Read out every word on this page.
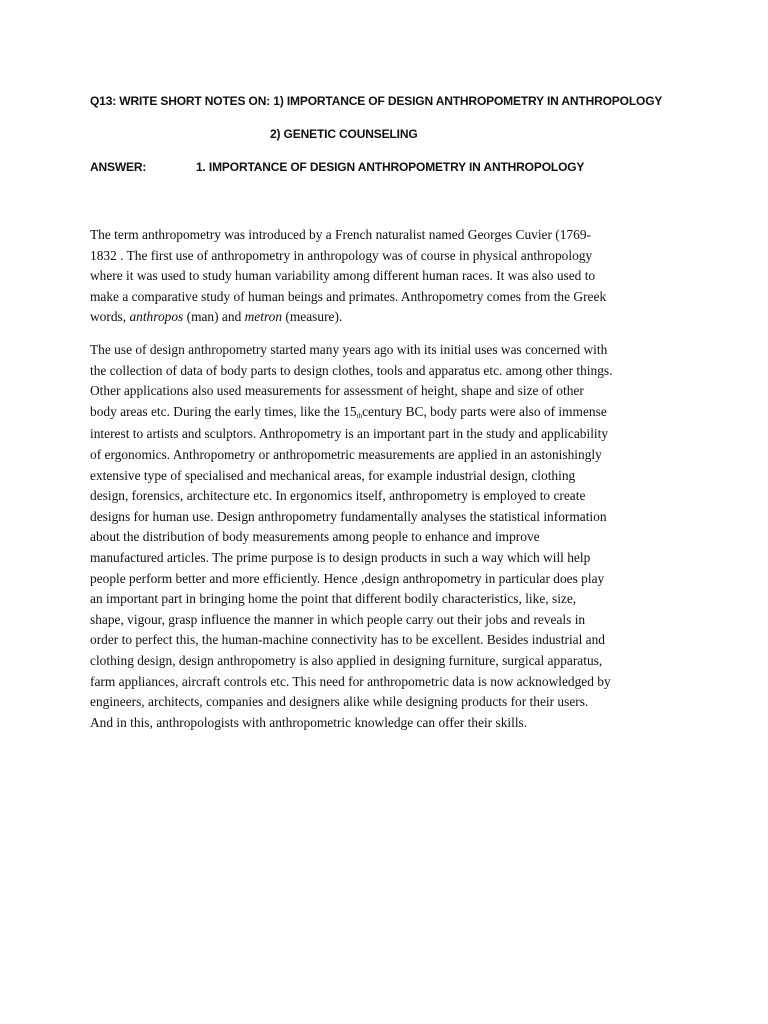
Q13: WRITE SHORT NOTES ON: 1) IMPORTANCE OF DESIGN ANTHROPOMETRY IN ANTHROPOLOGY

2) GENETIC COUNSELING

ANSWER:	1. IMPORTANCE OF DESIGN ANTHROPOMETRY IN ANTHROPOLOGY

The term anthropometry was introduced by a French naturalist named Georges Cuvier (1769-
1832 . The first use of anthropometry in anthropology was of course in physical anthropology
where it was used to study human variability among different human races. It was also used to
make a comparative study of human beings and primates. Anthropometry comes from the Greek
words, anthropos (man) and metron (measure).

The use of design anthropometry started many years ago with its initial uses was concerned with
the collection of data of body parts to design clothes, tools and apparatus etc. among other things.
Other applications also used measurements for assessment of height, shape and size of other
body areas etc. During the early times, like the 15thcentury BC, body parts were also of immense
interest to artists and sculptors. Anthropometry is an important part in the study and applicability
of ergonomics. Anthropometry or anthropometric measurements are applied in an astonishingly
extensive type of specialised and mechanical areas, for example industrial design, clothing
design, forensics, architecture etc. In ergonomics itself, anthropometry is employed to create
designs for human use. Design anthropometry fundamentally analyses the statistical information
about the distribution of body measurements among people to enhance and improve
manufactured articles. The prime purpose is to design products in such a way which will help
people perform better and more efficiently. Hence ,design anthropometry in particular does play
an important part in bringing home the point that different bodily characteristics, like, size,
shape, vigour, grasp influence the manner in which people carry out their jobs and reveals in
order to perfect this, the human-machine connectivity has to be excellent. Besides industrial and
clothing design, design anthropometry is also applied in designing furniture, surgical apparatus,
farm appliances, aircraft controls etc. This need for anthropometric data is now acknowledged by
engineers, architects, companies and designers alike while designing products for their users.
And in this, anthropologists with anthropometric knowledge can offer their skills.
